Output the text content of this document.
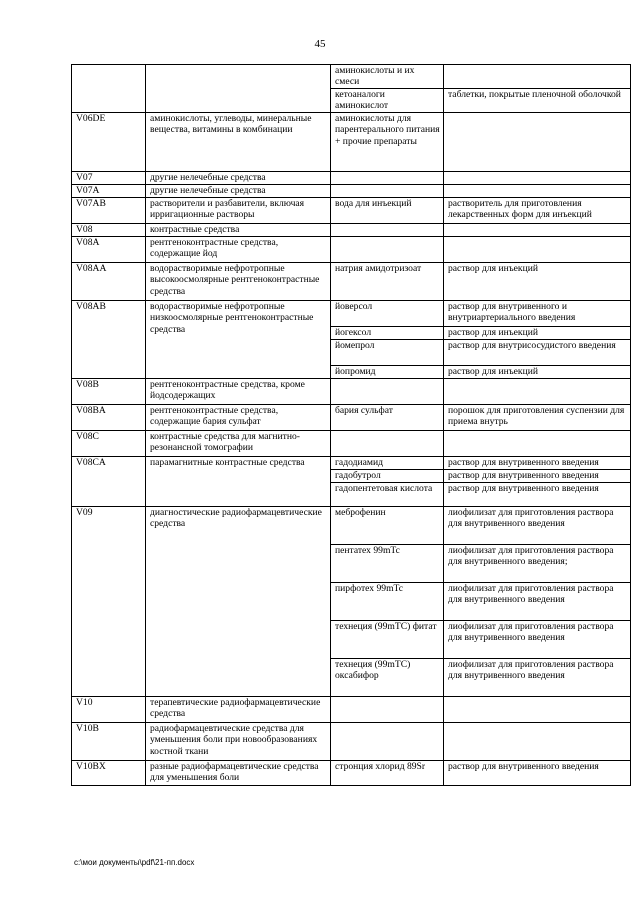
45
		аминокислоты и их смеси	
		кетоаналоги аминокислот	таблетки, покрытые пленочной оболочкой
V06DE	аминокислоты, углеводы, минеральные вещества, витамины в комбинации	аминокислоты для парентерального питания + прочие препараты	
V07	другие нелечебные средства		
V07A	другие нелечебные средства		
V07AB	растворители и разбавители, включая ирригационные растворы	вода для инъекций	растворитель для приготовления лекарственных форм для инъекций
V08	контрастные средства		
V08A	рентгеноконтрастные средства, содержащие йод		
V08AA	водорастворимые нефротропные высокоосмолярные рентгеноконтрастные средства	натрия амидотризоат	раствор для инъекций
V08AB	водорастворимые нефротропные низкоосмолярные рентгеноконтрастные средства	йоверсол	раствор для внутривенного и внутриартериального введения
		йогексол	раствор для инъекций
		йомепрол	раствор для внутрисосудистого введения
		йопромид	раствор для инъекций
V08B	рентгеноконтрастные средства, кроме йодсодержащих		
V08BA	рентгеноконтрастные средства, содержащие бария сульфат	бария сульфат	порошок для приготовления суспензии для приема внутрь
V08C	контрастные средства для магнитно-резонансной томографии		
V08CA	парамагнитные контрастные средства	гадодиамид	раствор для внутривенного введения
		гадобутрол	раствор для внутривенного введения
		гадопентетовая кислота	раствор для внутривенного введения
V09	диагностические радиофармацевтические средства	меброфенин	лиофилизат для приготовления раствора для внутривенного введения
		пентатех 99mTc	лиофилизат для приготовления раствора для внутривенного введения;
		пирфотех 99mTc	лиофилизат для приготовления раствора для внутривенного введения
		технеция (99mTC) фитат	лиофилизат для приготовления раствора для внутривенного введения
		технеция (99mTC) оксабифор	лиофилизат для приготовления раствора для внутривенного введения
V10	терапевтические радиофармацевтические средства		
V10B	радиофармацевтические средства для уменьшения боли при новообразованиях костной ткани		
V10BX	разные радиофармацевтические средства для уменьшения боли	стронция хлорид 89Sr	раствор для внутривенного введения
c:\мои документы\pdf\21-пп.docx
